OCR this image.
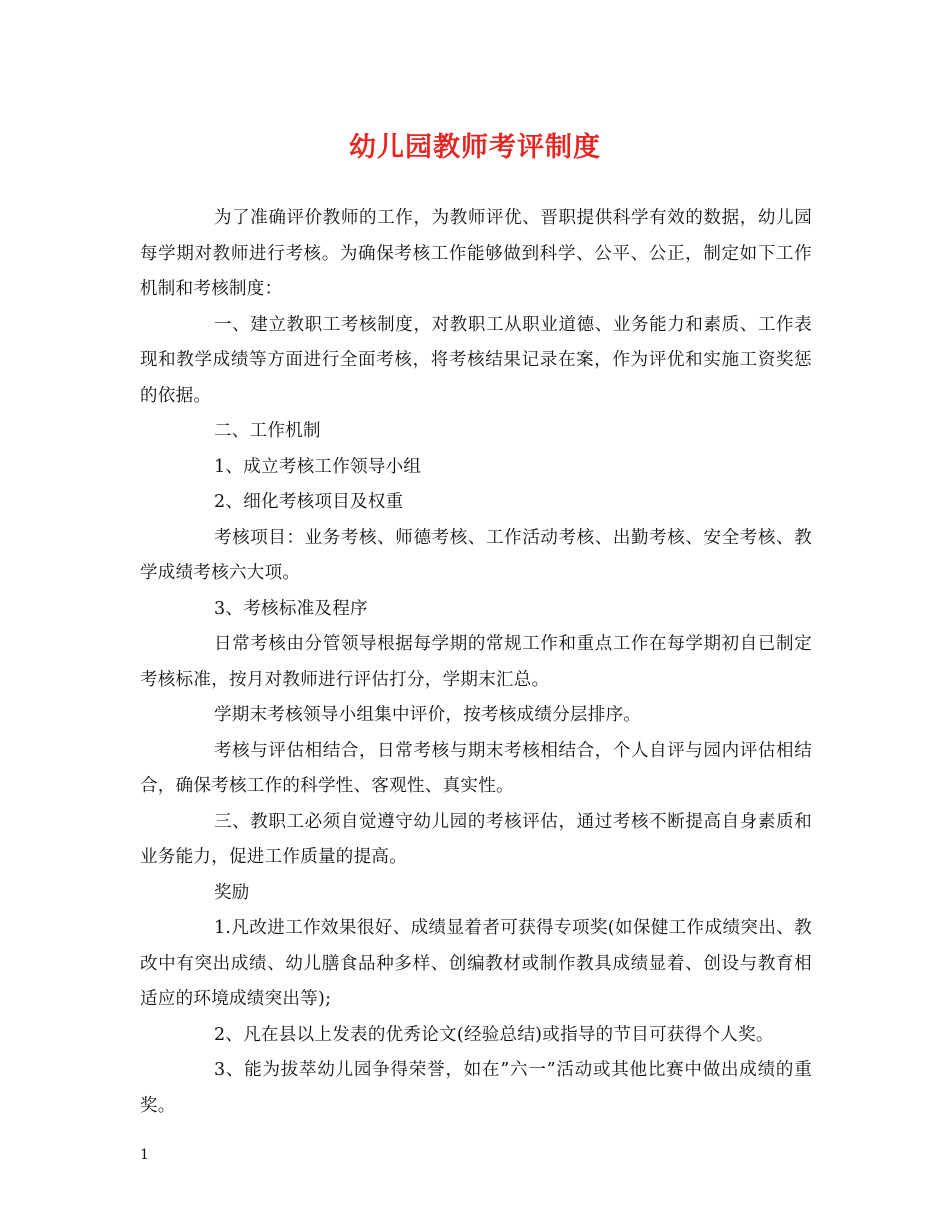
幼儿园教师考评制度

为了准确评价教师的工作，为教师评优、晋职提供科学有效的数据，幼儿园每学期对教师进行考核。为确保考核工作能够做到科学、公平、公正，制定如下工作机制和考核制度：

一、建立教职工考核制度，对教职工从职业道德、业务能力和素质、工作表现和教学成绩等方面进行全面考核，将考核结果记录在案，作为评优和实施工资奖惩的依据。

二、工作机制

1、成立考核工作领导小组

2、细化考核项目及权重

考核项目：业务考核、师德考核、工作活动考核、出勤考核、安全考核、教学成绩考核六大项。

3、考核标准及程序

日常考核由分管领导根据每学期的常规工作和重点工作在每学期初自已制定考核标准，按月对教师进行评估打分，学期末汇总。

学期末考核领导小组集中评价，按考核成绩分层排序。

考核与评估相结合，日常考核与期末考核相结合，个人自评与园内评估相结合，确保考核工作的科学性、客观性、真实性。

三、教职工必须自觉遵守幼儿园的考核评估，通过考核不断提高自身素质和业务能力，促进工作质量的提高。

奖励

1.凡改进工作效果很好、成绩显着者可获得专项奖(如保健工作成绩突出、教改中有突出成绩、幼儿膳食品种多样、创编教材或制作教具成绩显着、创设与教育相适应的环境成绩突出等);

2、凡在县以上发表的优秀论文(经验总结)或指导的节目可获得个人奖。

3、能为拔萃幼儿园争得荣誉，如在”六一”活动或其他比赛中做出成绩的重奖。

1
